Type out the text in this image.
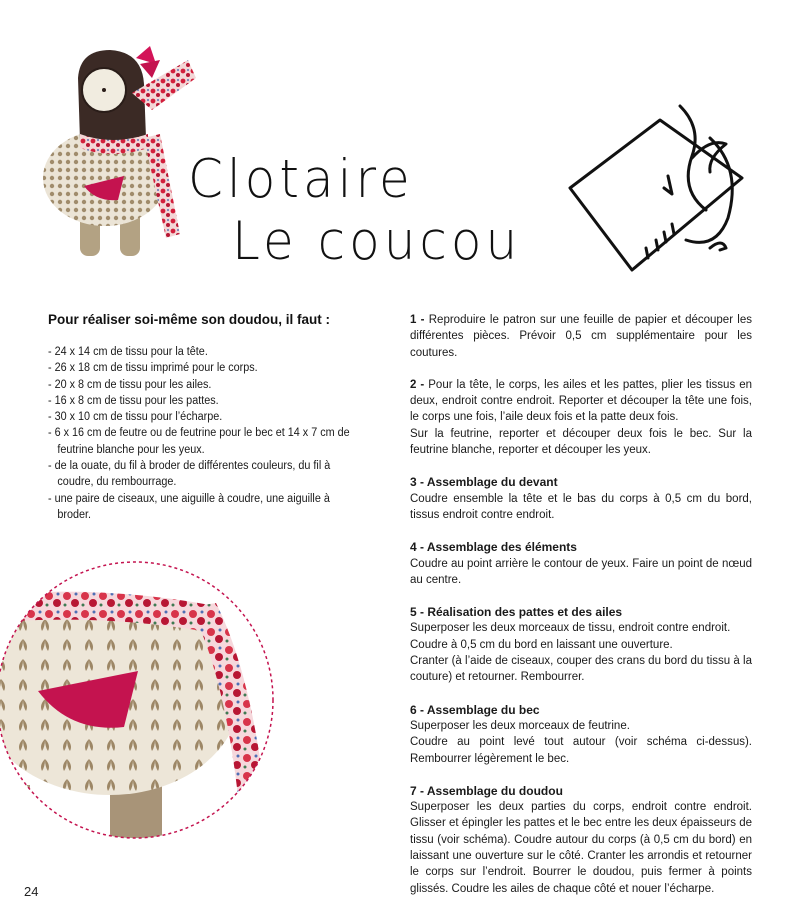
Clotaire
Le coucou
Pour réaliser soi-même son doudou, il faut :
- 24 x 14 cm de tissu pour la tête.
- 26 x 18 cm de tissu imprimé pour le corps.
- 20 x 8 cm de tissu pour les ailes.
- 16 x 8 cm de tissu pour les pattes.
- 30 x 10 cm de tissu pour l’écharpe.
- 6 x 16 cm de feutre ou de feutrine pour le bec et 14 x 7 cm de feutrine blanche pour les yeux.
- de la ouate, du fil à broder de différentes couleurs, du fil à coudre, du rembourrage.
- une paire de ciseaux, une aiguille à coudre, une aiguille à broder.

1 - Reproduire le patron sur une feuille de papier et découper les différentes pièces. Prévoir 0,5 cm supplémentaire pour les coutures.

2 - Pour la tête, le corps, les ailes et les pattes, plier les tissus en deux, endroit contre endroit. Reporter et découper la tête une fois, le corps une fois, l’aile deux fois et la patte deux fois.

Sur la feutrine, reporter et découper deux fois le bec. Sur la feutrine blanche, reporter et découper les yeux.

3 - Assemblage du devant

Coudre ensemble la tête et le bas du corps à 0,5 cm du bord, tissus endroit contre endroit.

4 - Assemblage des éléments

Coudre au point arrière le contour de yeux. Faire un point de nœud au centre.

5 - Réalisation des pattes et des ailes

Superposer les deux morceaux de tissu, endroit contre endroit.

Coudre à 0,5 cm du bord en laissant une ouverture.

Cranter (à l’aide de ciseaux, couper des crans du bord du tissu à la couture) et retourner. Rembourrer.

6 - Assemblage du bec

Superposer les deux morceaux de feutrine.

Coudre au point levé tout autour (voir schéma ci-dessus). Rembourrer légèrement le bec.

7 - Assemblage du doudou

Superposer les deux parties du corps, endroit contre endroit. Glisser et épingler les pattes et le bec entre les deux épaisseurs de tissu (voir schéma). Coudre autour du corps (à 0,5 cm du bord) en laissant une ouverture sur le côté. Cranter les arrondis et retourner le corps sur l’endroit. Bourrer le doudou, puis fermer à points glissés. Coudre les ailes de chaque côté et nouer l’écharpe.

24
